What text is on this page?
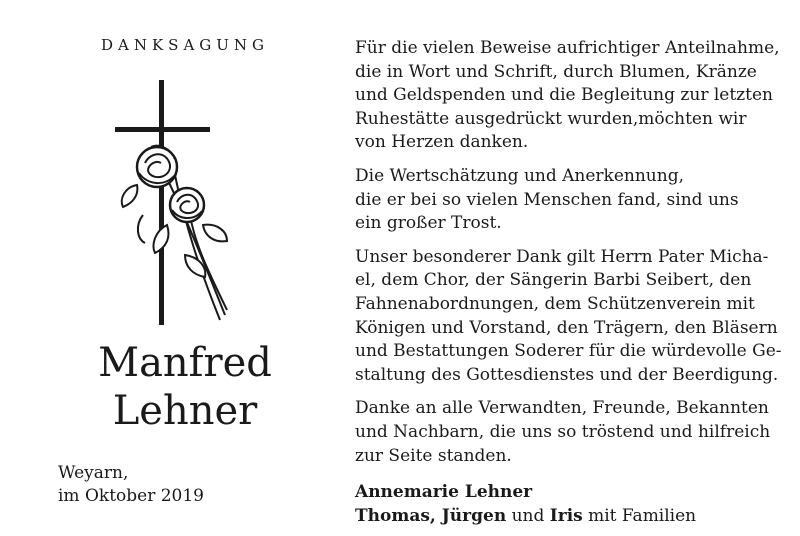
DANKSAGUNG
Manfred
Lehner
Weyarn,
im Oktober 2019

Für die vielen Beweise aufrichtiger Anteilnahme,
die in Wort und Schrift, durch Blumen, Kränze
und Geldspenden und die Begleitung zur letzten
Ruhestätte ausgedrückt wurden,möchten wir
von Herzen danken.

Die Wertschätzung und Anerkennung,
die er bei so vielen Menschen fand, sind uns
ein großer Trost.

Unser besonderer Dank gilt Herrn Pater Micha-
el, dem Chor, der Sängerin Barbi Seibert, den
Fahnenabordnungen, dem Schützenverein mit
Königen und Vorstand, den Trägern, den Bläsern
und Bestattungen Soderer für die würdevolle Ge-
staltung des Gottesdienstes und der Beerdigung.

Danke an alle Verwandten, Freunde, Bekannten
und Nachbarn, die uns so tröstend und hilfreich
zur Seite standen.

Annemarie Lehner
Thomas, Jürgen und Iris mit Familien
